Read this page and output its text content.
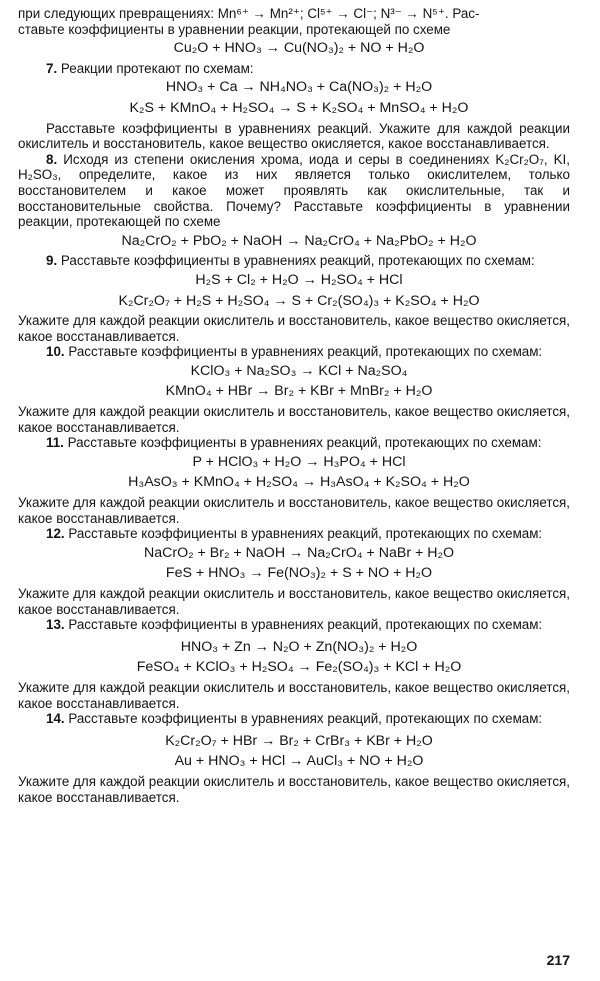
при следующих превращениях: Mn⁶⁺ → Mn²⁺; Cl⁵⁺ → Cl⁻; N³⁻ → N⁵⁺. Рас-

ставьте коэффициенты в уравнении реакции, протекающей по схеме

Cu₂O + HNO₃ → Cu(NO₃)₂ + NO + H₂O

7. Реакции протекают по схемам:

HNO₃ + Ca → NH₄NO₃ + Ca(NO₃)₂ + H₂O
K₂S + KMnO₄ + H₂SO₄ → S + K₂SO₄ + MnSO₄ + H₂O

Расставьте коэффициенты в уравнениях реакций. Укажите для каждой реакции окислитель и восстановитель, какое вещество окисляется, какое восстанавливается.

8. Исходя из степени окисления хрома, иода и серы в соединениях K₂Cr₂O₇, KI, H₂SO₃, определите, какое из них является только окислителем, только восстановителем и какое может проявлять как окислительные, так и восстановительные свойства. Почему? Расставьте коэффициенты в уравнении реакции, протекающей по схеме

Na₂CrO₂ + PbO₂ + NaOH → Na₂CrO₄ + Na₂PbO₂ + H₂O

9. Расставьте коэффициенты в уравнениях реакций, протекающих по схемам:

H₂S + Cl₂ + H₂O → H₂SO₄ + HCl
K₂Cr₂O₇ + H₂S + H₂SO₄ → S + Cr₂(SO₄)₃ + K₂SO₄ + H₂O

Укажите для каждой реакции окислитель и восстановитель, какое вещество окисляется, какое восстанавливается.

10. Расставьте коэффициенты в уравнениях реакций, протекающих по схемам:

KClO₃ + Na₂SO₃ → KCl + Na₂SO₄
KMnO₄ + HBr → Br₂ + KBr + MnBr₂ + H₂O

Укажите для каждой реакции окислитель и восстановитель, какое вещество окисляется, какое восстанавливается.

11. Расставьте коэффициенты в уравнениях реакций, протекающих по схемам:

P + HClO₃ + H₂O → H₃PO₄ + HCl
H₃AsO₃ + KMnO₄ + H₂SO₄ → H₃AsO₄ + K₂SO₄ + H₂O

Укажите для каждой реакции окислитель и восстановитель, какое вещество окисляется, какое восстанавливается.

12. Расставьте коэффициенты в уравнениях реакций, протекающих по схемам:

NaCrO₂ + Br₂ + NaOH → Na₂CrO₄ + NaBr + H₂O
FeS + HNO₃ → Fe(NO₃)₂ + S + NO + H₂O

Укажите для каждой реакции окислитель и восстановитель, какое вещество окисляется, какое восстанавливается.

13. Расставьте коэффициенты в уравнениях реакций, протекающих по схемам:

HNO₃ + Zn → N₂O + Zn(NO₃)₂ + H₂O
FeSO₄ + KClO₃ + H₂SO₄ → Fe₂(SO₄)₃ + KCl + H₂O

Укажите для каждой реакции окислитель и восстановитель, какое вещество окисляется, какое восстанавливается.

14. Расставьте коэффициенты в уравнениях реакций, протекающих по схемам:

K₂Cr₂O₇ + HBr → Br₂ + CrBr₃ + KBr + H₂O
Au + HNO₃ + HCl → AuCl₃ + NO + H₂O

Укажите для каждой реакции окислитель и восстановитель, какое вещество окисляется, какое восстанавливается.

217
